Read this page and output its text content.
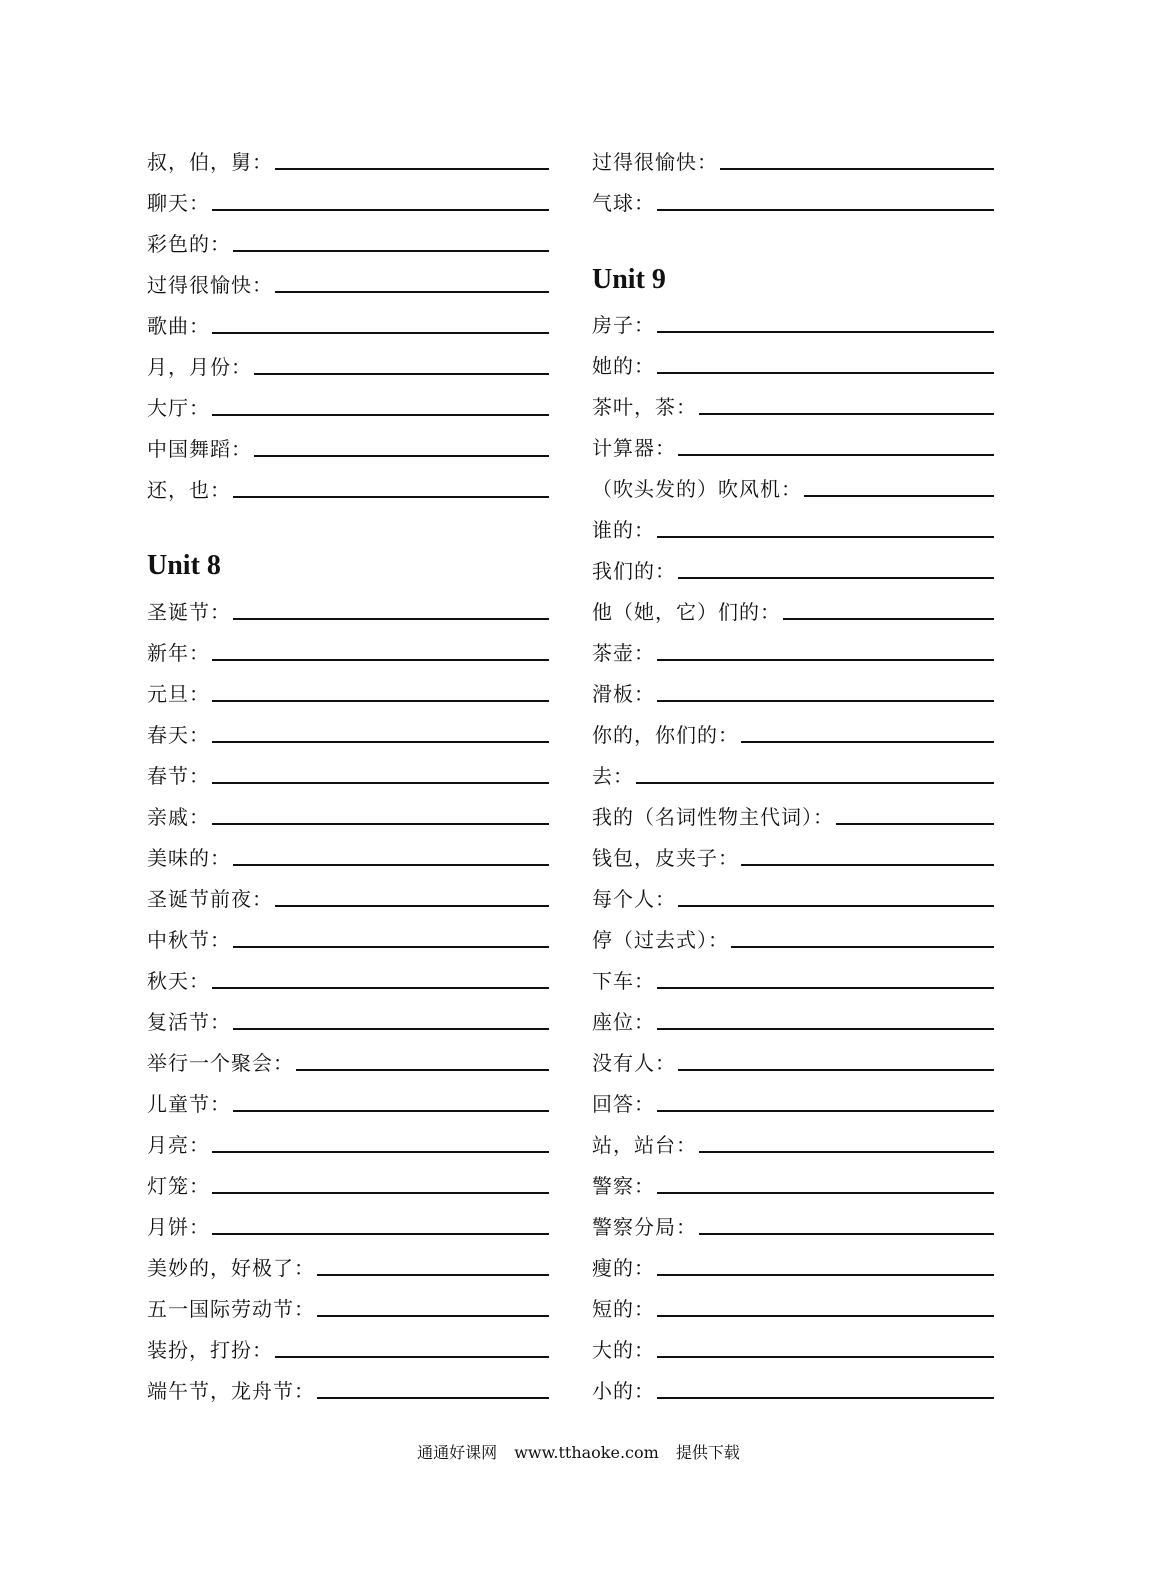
叔，伯，舅：
聊天：
彩色的：
过得很愉快：
歌曲：
月，月份：
大厅：
中国舞蹈：
还，也：
Unit 8
圣诞节：
新年：
元旦：
春天：
春节：
亲戚：
美味的：
圣诞节前夜：
中秋节：
秋天：
复活节：
举行一个聚会：
儿童节：
月亮：
灯笼：
月饼：
美妙的，好极了：
五一国际劳动节：
装扮，打扮：
端午节，龙舟节：
过得很愉快：
气球：
Unit 9
房子：
她的：
茶叶，茶：
计算器：
（吹头发的）吹风机：
谁的：
我们的：
他（她，它）们的：
茶壶：
滑板：
你的，你们的：
去：
我的（名词性物主代词）：
钱包，皮夹子：
每个人：
停（过去式）：
下车：
座位：
没有人：
回答：
站，站台：
警察：
警察分局：
瘦的：
短的：
大的：
小的：
通通好课网 www.tthaoke.com 提供下载
